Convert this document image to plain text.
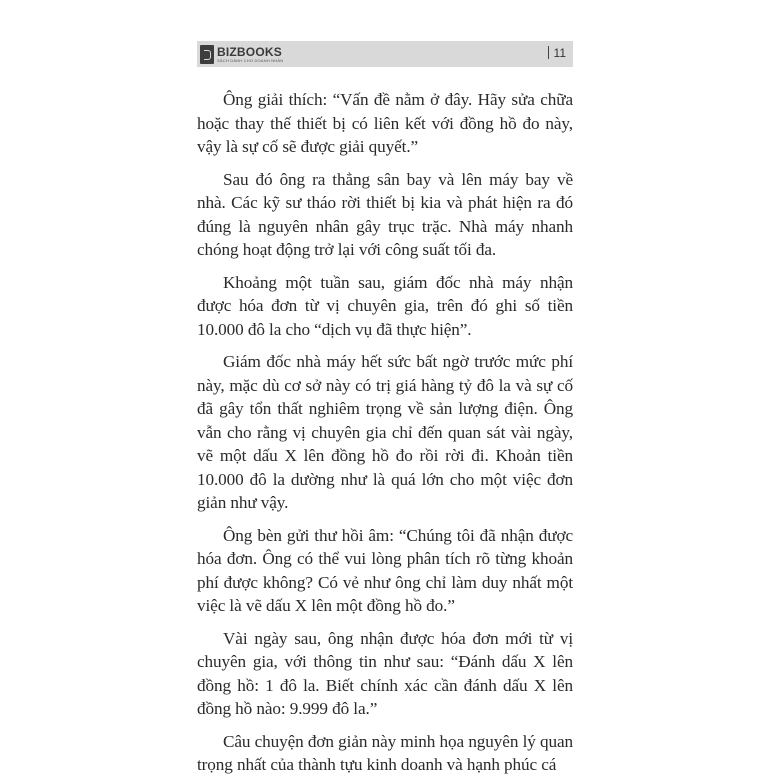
BIZBOOKS
SÁCH DÀNH CHO DOANH NHÂN	11

Ông giải thích: “Vấn đề nằm ở đây. Hãy sửa chữa hoặc thay thế thiết bị có liên kết với đồng hồ đo này, vậy là sự cố sẽ được giải quyết.”

Sau đó ông ra thẳng sân bay và lên máy bay về nhà. Các kỹ sư tháo rời thiết bị kia và phát hiện ra đó đúng là nguyên nhân gây trục trặc. Nhà máy nhanh chóng hoạt động trở lại với công suất tối đa.

Khoảng một tuần sau, giám đốc nhà máy nhận được hóa đơn từ vị chuyên gia, trên đó ghi số tiền 10.000 đô la cho “dịch vụ đã thực hiện”.

Giám đốc nhà máy hết sức bất ngờ trước mức phí này, mặc dù cơ sở này có trị giá hàng tỷ đô la và sự cố đã gây tổn thất nghiêm trọng về sản lượng điện. Ông vẫn cho rằng vị chuyên gia chỉ đến quan sát vài ngày, vẽ một dấu X lên đồng hồ đo rồi rời đi. Khoản tiền 10.000 đô la dường như là quá lớn cho một việc đơn giản như vậy.

Ông bèn gửi thư hồi âm: “Chúng tôi đã nhận được hóa đơn. Ông có thể vui lòng phân tích rõ từng khoản phí được không? Có vẻ như ông chỉ làm duy nhất một việc là vẽ dấu X lên một đồng hồ đo.”

Vài ngày sau, ông nhận được hóa đơn mới từ vị chuyên gia, với thông tin như sau: “Đánh dấu X lên đồng hồ: 1 đô la. Biết chính xác cần đánh dấu X lên đồng hồ nào: 9.999 đô la.”

Câu chuyện đơn giản này minh họa nguyên lý quan trọng nhất của thành tựu kinh doanh và hạnh phúc cá
